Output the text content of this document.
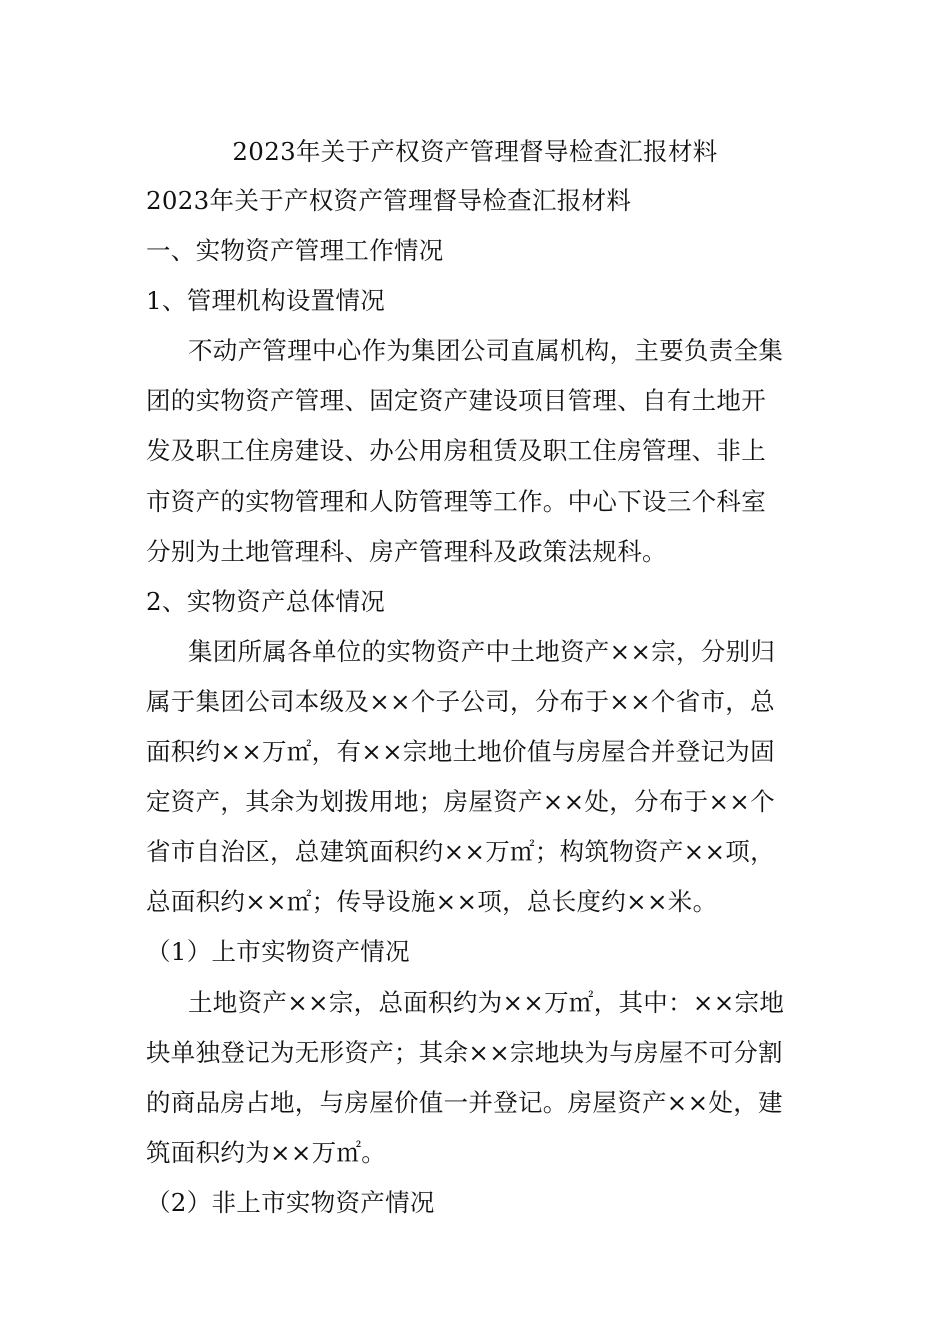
2023年关于产权资产管理督导检查汇报材料

2023年关于产权资产管理督导检查汇报材料

一、实物资产管理工作情况

1、管理机构设置情况

不动产管理中心作为集团公司直属机构，主要负责全集
团的实物资产管理、固定资产建设项目管理、自有土地开
发及职工住房建设、办公用房租赁及职工住房管理、非上
市资产的实物管理和人防管理等工作。中心下设三个科室
分别为土地管理科、房产管理科及政策法规科。

2、实物资产总体情况

集团所属各单位的实物资产中土地资产××宗，分别归
属于集团公司本级及××个子公司，分布于××个省市，总
面积约××万㎡，有××宗地土地价值与房屋合并登记为固
定资产，其余为划拨用地；房屋资产××处，分布于××个
省市自治区，总建筑面积约××万㎡；构筑物资产××项，
总面积约××㎡；传导设施××项，总长度约××米。

（1）上市实物资产情况

土地资产××宗，总面积约为××万㎡，其中：××宗地
块单独登记为无形资产；其余××宗地块为与房屋不可分割
的商品房占地，与房屋价值一并登记。房屋资产××处，建
筑面积约为××万㎡。

（2）非上市实物资产情况
